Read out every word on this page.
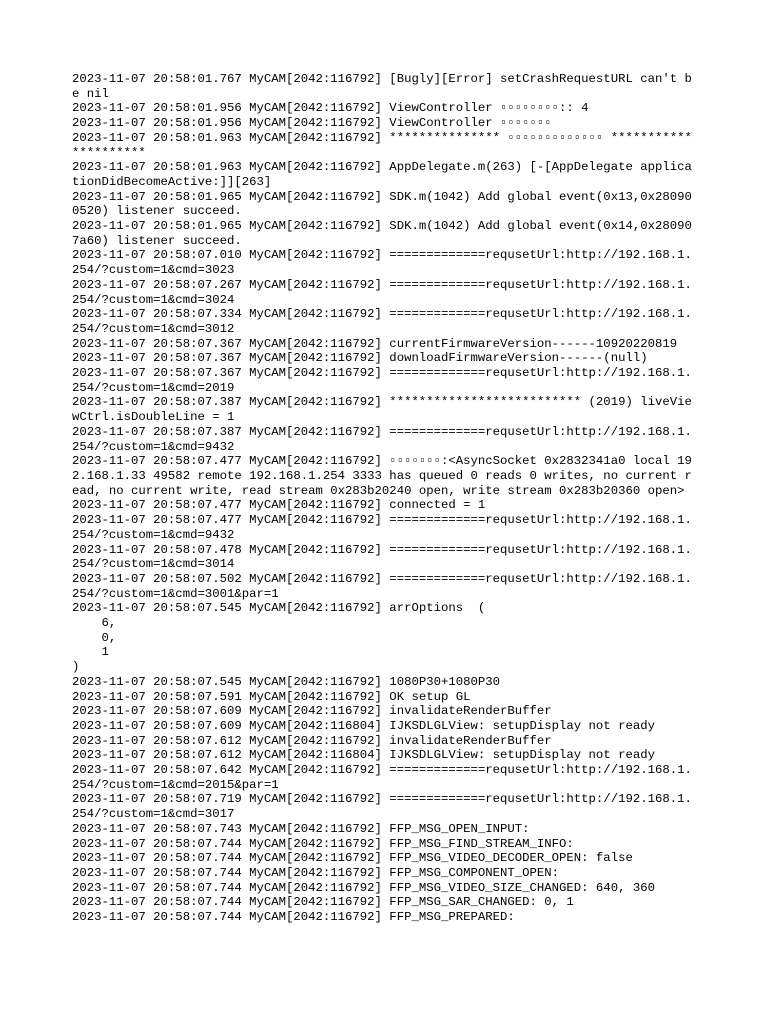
2023-11-07 20:58:01.767 MyCAM[2042:116792] [Bugly][Error] setCrashRequestURL can't be nil

2023-11-07 20:58:01.956 MyCAM[2042:116792] ViewController ▫▫▫▫▫▫▫▫:: 4

2023-11-07 20:58:01.956 MyCAM[2042:116792] ViewController ▫▫▫▫▫▫▫

2023-11-07 20:58:01.963 MyCAM[2042:116792] *************** ▫▫▫▫▫▫▫▫▫▫▫▫▫ *********************

2023-11-07 20:58:01.963 MyCAM[2042:116792] AppDelegate.m(263) [-[AppDelegate applicationDidBecomeActive:]][263]

2023-11-07 20:58:01.965 MyCAM[2042:116792] SDK.m(1042) Add global event(0x13,0x280900520) listener succeed.

2023-11-07 20:58:01.965 MyCAM[2042:116792] SDK.m(1042) Add global event(0x14,0x280907a60) listener succeed.

2023-11-07 20:58:07.010 MyCAM[2042:116792] =============requsetUrl:http://192.168.1.254/?custom=1&cmd=3023

2023-11-07 20:58:07.267 MyCAM[2042:116792] =============requsetUrl:http://192.168.1.254/?custom=1&cmd=3024

2023-11-07 20:58:07.334 MyCAM[2042:116792] =============requsetUrl:http://192.168.1.254/?custom=1&cmd=3012

2023-11-07 20:58:07.367 MyCAM[2042:116792] currentFirmwareVersion------10920220819

2023-11-07 20:58:07.367 MyCAM[2042:116792] downloadFirmwareVersion------(null)

2023-11-07 20:58:07.367 MyCAM[2042:116792] =============requsetUrl:http://192.168.1.254/?custom=1&cmd=2019

2023-11-07 20:58:07.387 MyCAM[2042:116792] ************************** (2019) liveViewCtrl.isDoubleLine = 1

2023-11-07 20:58:07.387 MyCAM[2042:116792] =============requsetUrl:http://192.168.1.254/?custom=1&cmd=9432

2023-11-07 20:58:07.477 MyCAM[2042:116792] ▫▫▫▫▫▫▫:<AsyncSocket 0x2832341a0 local 192.168.1.33 49582 remote 192.168.1.254 3333 has queued 0 reads 0 writes, no current read, no current write, read stream 0x283b20240 open, write stream 0x283b20360 open>

2023-11-07 20:58:07.477 MyCAM[2042:116792] connected = 1

2023-11-07 20:58:07.477 MyCAM[2042:116792] =============requsetUrl:http://192.168.1.254/?custom=1&cmd=9432

2023-11-07 20:58:07.478 MyCAM[2042:116792] =============requsetUrl:http://192.168.1.254/?custom=1&cmd=3014

2023-11-07 20:58:07.502 MyCAM[2042:116792] =============requsetUrl:http://192.168.1.254/?custom=1&cmd=3001&par=1

2023-11-07 20:58:07.545 MyCAM[2042:116792] arrOptions  (

6,

0,

1

)

2023-11-07 20:58:07.545 MyCAM[2042:116792] 1080P30+1080P30

2023-11-07 20:58:07.591 MyCAM[2042:116792] OK setup GL

2023-11-07 20:58:07.609 MyCAM[2042:116792] invalidateRenderBuffer

2023-11-07 20:58:07.609 MyCAM[2042:116804] IJKSDLGLView: setupDisplay not ready

2023-11-07 20:58:07.612 MyCAM[2042:116792] invalidateRenderBuffer

2023-11-07 20:58:07.612 MyCAM[2042:116804] IJKSDLGLView: setupDisplay not ready

2023-11-07 20:58:07.642 MyCAM[2042:116792] =============requsetUrl:http://192.168.1.254/?custom=1&cmd=2015&par=1

2023-11-07 20:58:07.719 MyCAM[2042:116792] =============requsetUrl:http://192.168.1.254/?custom=1&cmd=3017

2023-11-07 20:58:07.743 MyCAM[2042:116792] FFP_MSG_OPEN_INPUT:

2023-11-07 20:58:07.744 MyCAM[2042:116792] FFP_MSG_FIND_STREAM_INFO:

2023-11-07 20:58:07.744 MyCAM[2042:116792] FFP_MSG_VIDEO_DECODER_OPEN: false

2023-11-07 20:58:07.744 MyCAM[2042:116792] FFP_MSG_COMPONENT_OPEN:

2023-11-07 20:58:07.744 MyCAM[2042:116792] FFP_MSG_VIDEO_SIZE_CHANGED: 640, 360

2023-11-07 20:58:07.744 MyCAM[2042:116792] FFP_MSG_SAR_CHANGED: 0, 1

2023-11-07 20:58:07.744 MyCAM[2042:116792] FFP_MSG_PREPARED:
